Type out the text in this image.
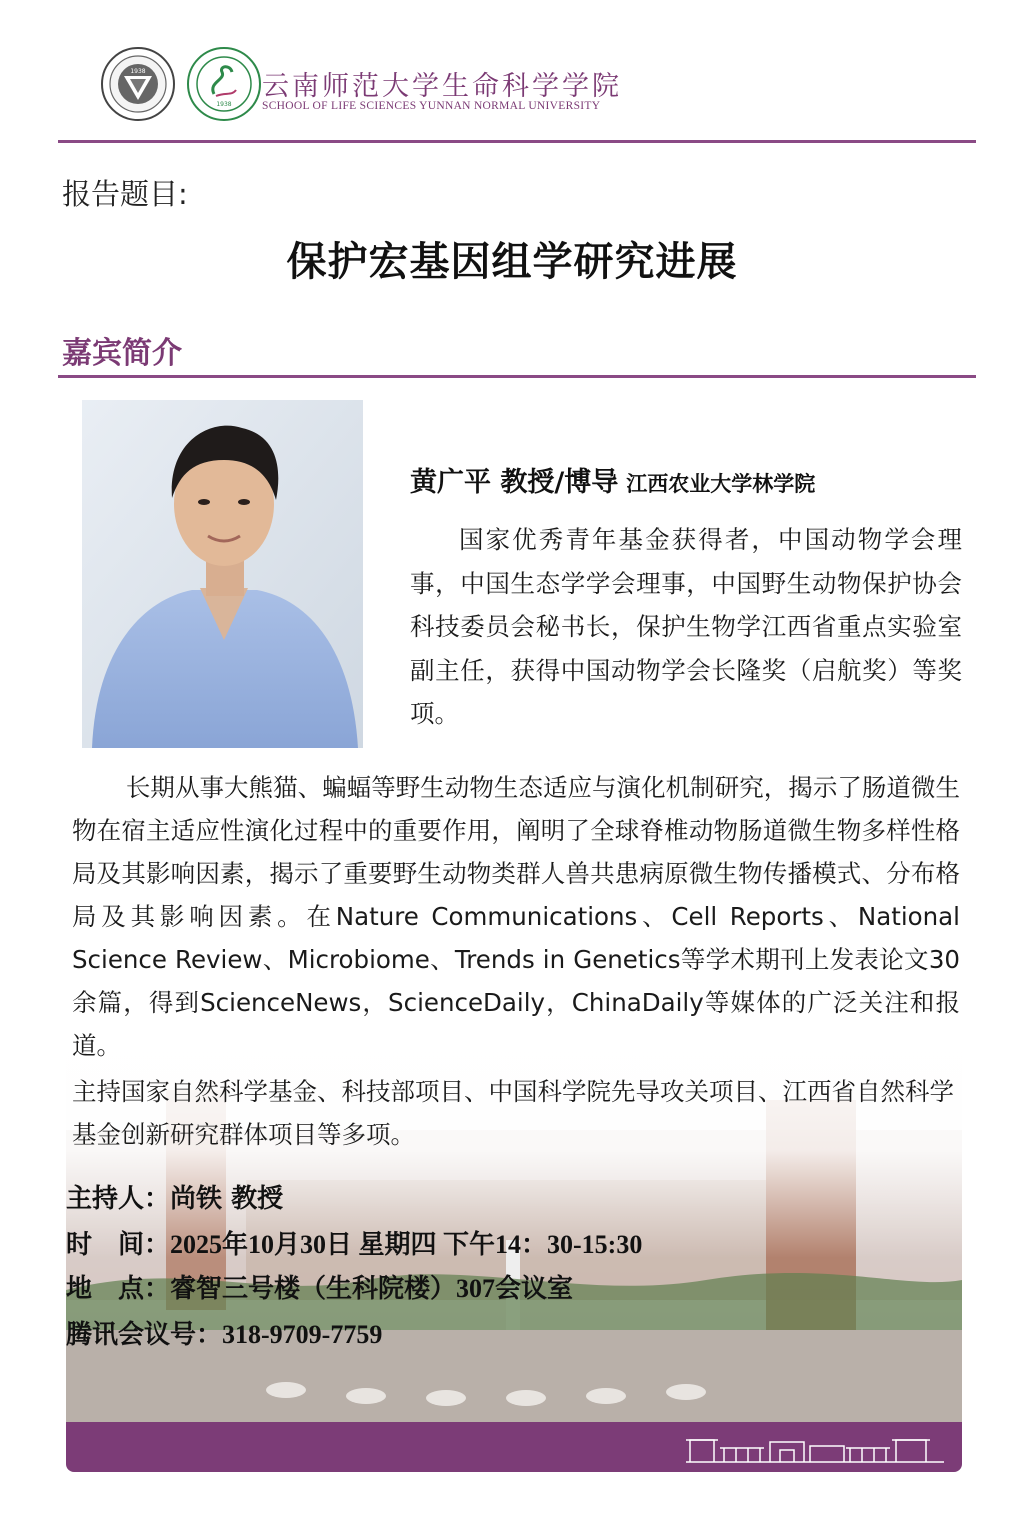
1938
1938
云南师范大学生命科学学院
SCHOOL OF LIFE SCIENCES YUNNAN NORMAL UNIVERSITY
报告题目:
保护宏基因组学研究进展
嘉宾简介
黄广平 教授/博导 江西农业大学林学院
国家优秀青年基金获得者，中国动物学会理事，中国生态学学会理事，中国野生动物保护协会科技委员会秘书长，保护生物学江西省重点实验室副主任，获得中国动物学会长隆奖（启航奖）等奖项。
长期从事大熊猫、蝙蝠等野生动物生态适应与演化机制研究，揭示了肠道微生物在宿主适应性演化过程中的重要作用，阐明了全球脊椎动物肠道微生物多样性格局及其影响因素，揭示了重要野生动物类群人兽共患病原微生物传播模式、分布格局及其影响因素。在Nature Communications、Cell Reports、National Science Review、Microbiome、Trends in Genetics等学术期刊上发表论文30余篇，得到ScienceNews，ScienceDaily，ChinaDaily等媒体的广泛关注和报道。
主持国家自然科学基金、科技部项目、中国科学院先导攻关项目、江西省自然科学基金创新研究群体项目等多项。
主持人：尚铁 教授
时　间：2025年10月30日 星期四 下午14：30-15:30
地　点：睿智三号楼（生科院楼）307会议室
腾讯会议号：318-9709-7759
